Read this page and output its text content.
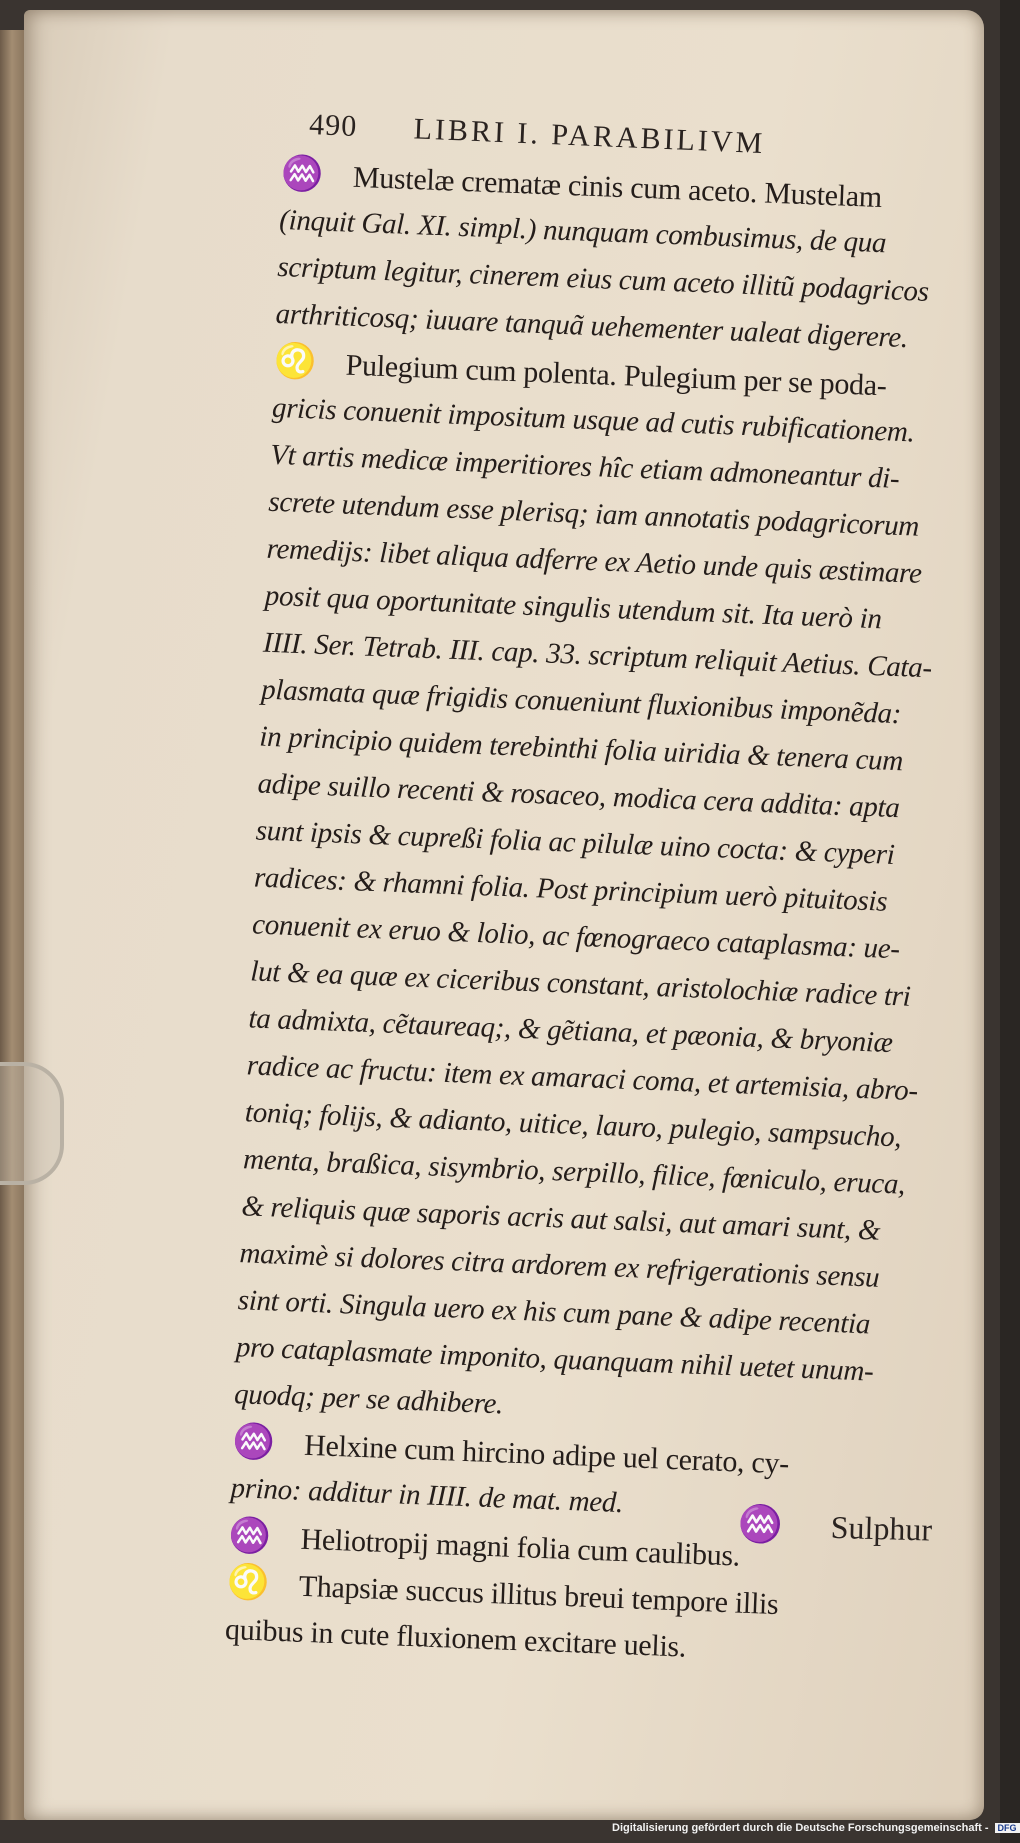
490 LIBRI I. PARABILIVM
♒ Mustelæ crematæ cinis cum aceto. Mustelam
(inquit Gal. XI. simpl.) nunquam combusimus, de qua
scriptum legitur, cinerem eius cum aceto illitũ podagricos
arthriticosq; iuuare tanquã uehementer ualeat digerere.
♌ Pulegium cum polenta. Pulegium per se poda-
gricis conuenit impositum usque ad cutis rubificationem.
Vt artis medicæ imperitiores hîc etiam admoneantur di-
screte utendum esse plerisq; iam annotatis podagricorum
remedijs: libet aliqua adferre ex Aetio unde quis æstimare
posit qua oportunitate singulis utendum sit. Ita uerò in
IIII. Ser. Tetrab. III. cap. 33. scriptum reliquit Aetius. Cata-
plasmata quæ frigidis conueniunt fluxionibus imponẽda:
in principio quidem terebinthi folia uiridia & tenera cum
adipe suillo recenti & rosaceo, modica cera addita: apta
sunt ipsis & cupreßi folia ac pilulæ uino cocta: & cyperi
radices: & rhamni folia. Post principium uerò pituitosis
conuenit ex eruo & lolio, ac fœnograeco cataplasma: ue-
lut & ea quæ ex ciceribus constant, aristolochiæ radice tri
ta admixta, cẽtaureaq;, & gẽtiana, et pæonia, & bryoniæ
radice ac fructu: item ex amaraci coma, et artemisia, abro-
toniq; folijs, & adianto, uitice, lauro, pulegio, sampsucho,
menta, braßica, sisymbrio, serpillo, filice, fœniculo, eruca,
& reliquis quæ saporis acris aut salsi, aut amari sunt, &
maximè si dolores citra ardorem ex refrigerationis sensu
sint orti. Singula uero ex his cum pane & adipe recentia
pro cataplasmate imponito, quanquam nihil uetet unum-
quodq; per se adhibere.
♒ Helxine cum hircino adipe uel cerato, cy-
prino: additur in IIII. de mat. med.
♒ Heliotropij magni folia cum caulibus.
♌ Thapsiæ succus illitus breui tempore illis
quibus in cute fluxionem excitare uelis.
♒ Sulphur
Digitalisierung gefördert durch die Deutsche Forschungsgemeinschaft - DFG
